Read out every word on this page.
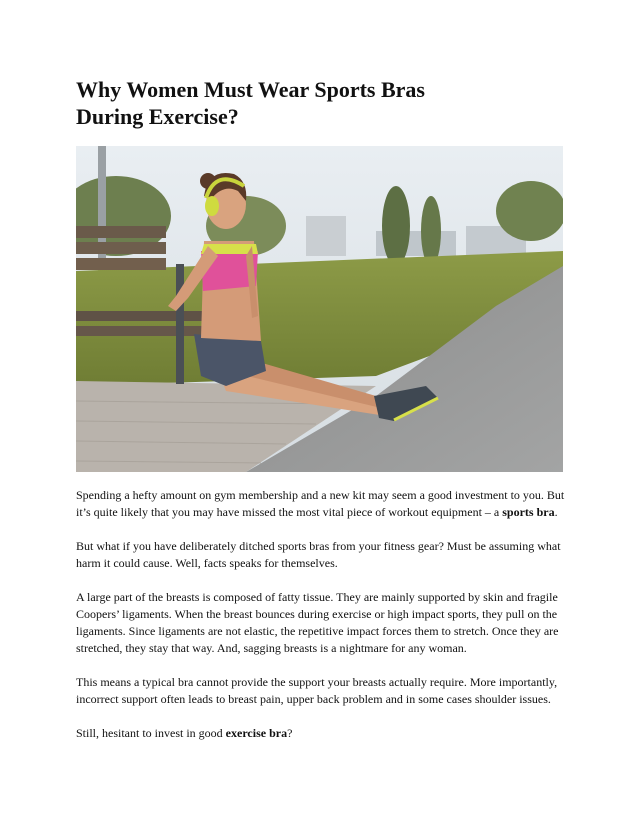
Why Women Must Wear Sports Bras
During Exercise?

Spending a hefty amount on gym membership and a new kit may seem a good investment to you. But it’s quite likely that you may have missed the most vital piece of workout equipment – a sports bra.

But what if you have deliberately ditched sports bras from your fitness gear? Must be assuming what harm it could cause. Well, facts speaks for themselves.

A large part of the breasts is composed of fatty tissue. They are mainly supported by skin and fragile Coopers’ ligaments. When the breast bounces during exercise or high impact sports, they pull on the ligaments. Since ligaments are not elastic, the repetitive impact forces them to stretch. Once they are stretched, they stay that way. And, sagging breasts is a nightmare for any woman.

This means a typical bra cannot provide the support your breasts actually require. More importantly, incorrect support often leads to breast pain, upper back problem and in some cases shoulder issues.

Still, hesitant to invest in good exercise bra?
